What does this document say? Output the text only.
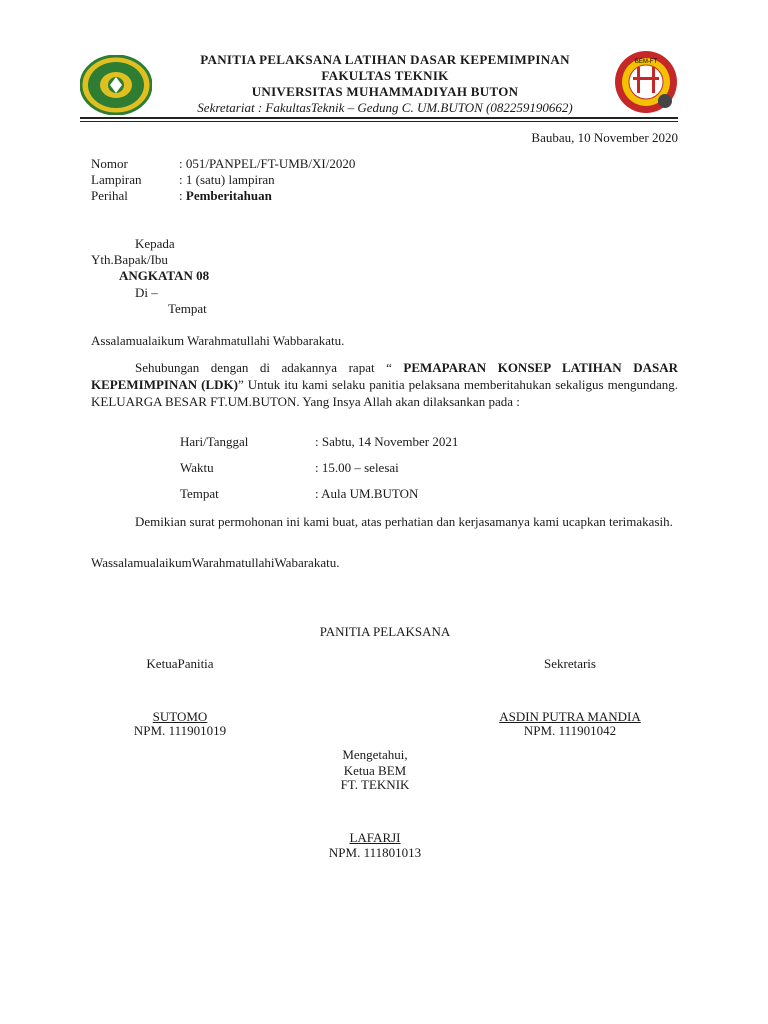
BEM-FT
PANITIA PELAKSANA LATIHAN DASAR KEPEMIMPINAN
FAKULTAS TEKNIK
UNIVERSITAS MUHAMMADIYAH BUTON
Sekretariat : FakultasTeknik – Gedung C. UM.BUTON (082259190662)
Baubau, 10 November 2020
Nomor	: 051/PANPEL/FT-UMB/XI/2020
Lampiran	: 1 (satu) lampiran
Perihal	: Pemberitahuan
Kepada
Yth.Bapak/Ibu
ANGKATAN 08
Di –
Tempat
Assalamualaikum Warahmatullahi Wabbarakatu.

Sehubungan dengan di adakannya rapat “ PEMAPARAN KONSEP LATIHAN DASAR KEPEMIMPINAN (LDK)” Untuk itu kami selaku panitia pelaksana memberitahukan sekaligus mengundang. KELUARGA BESAR FT.UM.BUTON. Yang Insya Allah akan dilaksankan pada :

Hari/Tanggal	: Sabtu, 14 November 2021
Waktu	: 15.00 – selesai
Tempat	: Aula UM.BUTON

Demikian surat permohonan ini kami buat, atas perhatian dan kerjasamanya kami ucapkan terimakasih.

WassalamualaikumWarahmatullahiWabarakatu.
PANITIA PELAKSANA
KetuaPanitia
SUTOMO
NPM. 111901019
Sekretaris
ASDIN PUTRA MANDIA
NPM. 111901042
Mengetahui,
Ketua BEM
FT. TEKNIK
LAFARJI
NPM. 111801013
